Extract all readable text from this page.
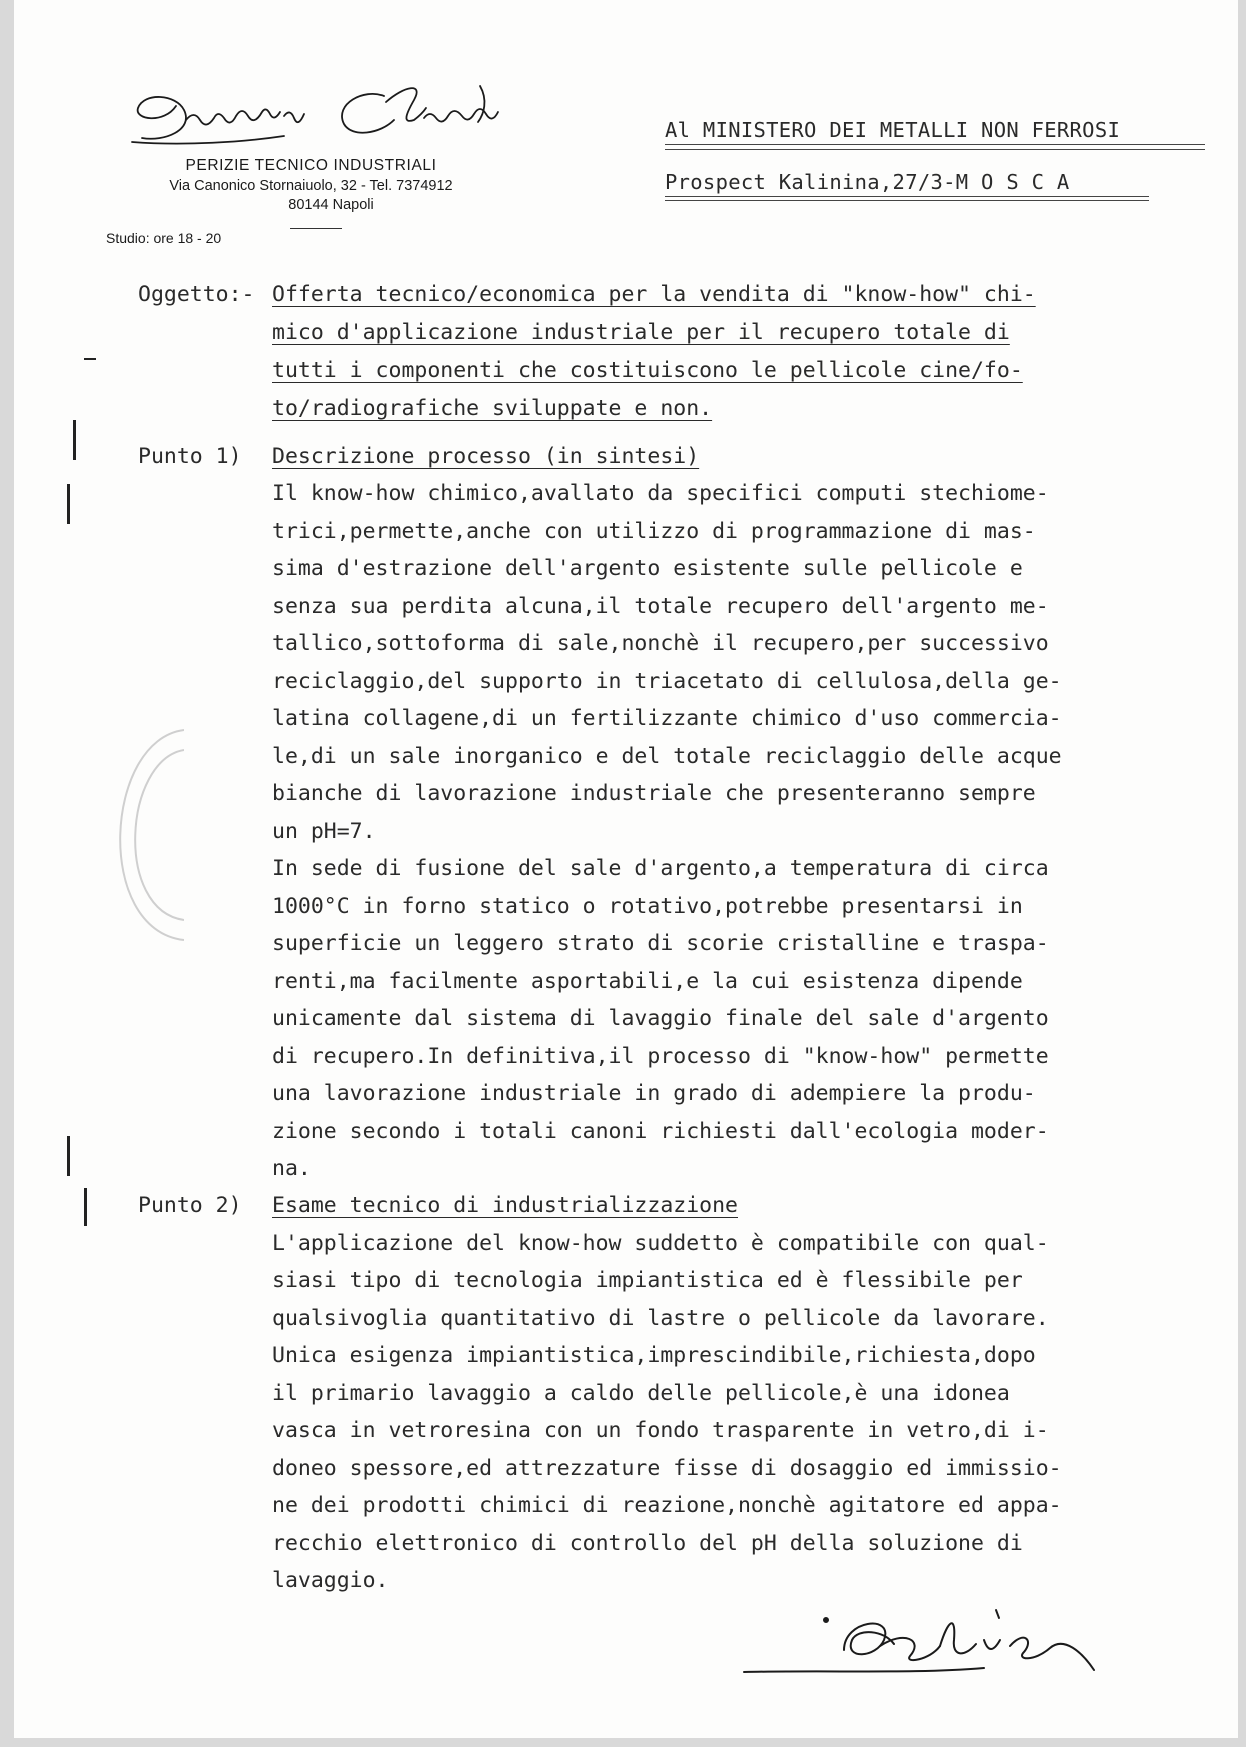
PERIZIE TECNICO INDUSTRIALI
Via Canonico Stornaiuolo, 32 - Tel. 7374912
80144 Napoli
Studio: ore 18 - 20
Al MINISTERO DEI METALLI NON FERROSI
Prospect Kalinina,27/3-M O S C A
Oggetto:- Offerta tecnico/economica per la vendita di "know-how" chi-
mico d'applicazione industriale per il recupero totale di
tutti i componenti che costituiscono le pellicole cine/fo-
to/radiografiche sviluppate e non.
Punto 1) Descrizione processo (in sintesi)
Il know-how chimico,avallato da specifici computi stechiome-
trici,permette,anche con utilizzo di programmazione di mas-
sima d'estrazione dell'argento esistente sulle pellicole e
senza sua perdita alcuna,il totale recupero dell'argento me-
tallico,sottoforma di sale,nonchè il recupero,per successivo
reciclaggio,del supporto in triacetato di cellulosa,della ge-
latina collagene,di un fertilizzante chimico d'uso commercia-
le,di un sale inorganico e del totale reciclaggio delle acque
bianche di lavorazione industriale che presenteranno sempre
un pH=7.
In sede di fusione del sale d'argento,a temperatura di circa
1000°C in forno statico o rotativo,potrebbe presentarsi in
superficie un leggero strato di scorie cristalline e traspa-
renti,ma facilmente asportabili,e la cui esistenza dipende
unicamente dal sistema di lavaggio finale del sale d'argento
di recupero.In definitiva,il processo di "know-how" permette
una lavorazione industriale in grado di adempiere la produ-
zione secondo i totali canoni richiesti dall'ecologia moder-
na.
Punto 2) Esame tecnico di industrializzazione
L'applicazione del know-how suddetto è compatibile con qual-
siasi tipo di tecnologia impiantistica ed è flessibile per
qualsivoglia quantitativo di lastre o pellicole da lavorare.
Unica esigenza impiantistica,imprescindibile,richiesta,dopo
il primario lavaggio a caldo delle pellicole,è una idonea
vasca in vetroresina con un fondo trasparente in vetro,di i-
doneo spessore,ed attrezzature fisse di dosaggio ed immissio-
ne dei prodotti chimici di reazione,nonchè agitatore ed appa-
recchio elettronico di controllo del pH della soluzione di
lavaggio.
